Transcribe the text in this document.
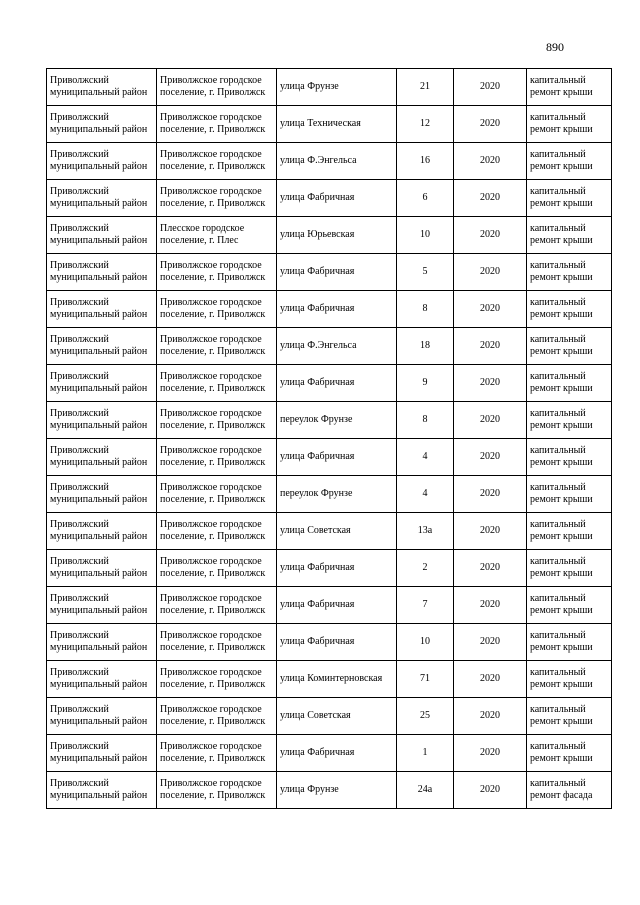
890
Приволжский муниципальный район	Приволжское городское поселение, г. Приволжск	улица Фрунзе	21	2020	капитальный ремонт крыши
Приволжский муниципальный район	Приволжское городское поселение, г. Приволжск	улица Техническая	12	2020	капитальный ремонт крыши
Приволжский муниципальный район	Приволжское городское поселение, г. Приволжск	улица Ф.Энгельса	16	2020	капитальный ремонт крыши
Приволжский муниципальный район	Приволжское городское поселение, г. Приволжск	улица Фабричная	6	2020	капитальный ремонт крыши
Приволжский муниципальный район	Плесское городское поселение, г. Плес	улица Юрьевская	10	2020	капитальный ремонт крыши
Приволжский муниципальный район	Приволжское городское поселение, г. Приволжск	улица Фабричная	5	2020	капитальный ремонт крыши
Приволжский муниципальный район	Приволжское городское поселение, г. Приволжск	улица Фабричная	8	2020	капитальный ремонт крыши
Приволжский муниципальный район	Приволжское городское поселение, г. Приволжск	улица Ф.Энгельса	18	2020	капитальный ремонт крыши
Приволжский муниципальный район	Приволжское городское поселение, г. Приволжск	улица Фабричная	9	2020	капитальный ремонт крыши
Приволжский муниципальный район	Приволжское городское поселение, г. Приволжск	переулок Фрунзе	8	2020	капитальный ремонт крыши
Приволжский муниципальный район	Приволжское городское поселение, г. Приволжск	улица Фабричная	4	2020	капитальный ремонт крыши
Приволжский муниципальный район	Приволжское городское поселение, г. Приволжск	переулок Фрунзе	4	2020	капитальный ремонт крыши
Приволжский муниципальный район	Приволжское городское поселение, г. Приволжск	улица Советская	13а	2020	капитальный ремонт крыши
Приволжский муниципальный район	Приволжское городское поселение, г. Приволжск	улица Фабричная	2	2020	капитальный ремонт крыши
Приволжский муниципальный район	Приволжское городское поселение, г. Приволжск	улица Фабричная	7	2020	капитальный ремонт крыши
Приволжский муниципальный район	Приволжское городское поселение, г. Приволжск	улица Фабричная	10	2020	капитальный ремонт крыши
Приволжский муниципальный район	Приволжское городское поселение, г. Приволжск	улица Коминтерновская	71	2020	капитальный ремонт крыши
Приволжский муниципальный район	Приволжское городское поселение, г. Приволжск	улица Советская	25	2020	капитальный ремонт крыши
Приволжский муниципальный район	Приволжское городское поселение, г. Приволжск	улица Фабричная	1	2020	капитальный ремонт крыши
Приволжский муниципальный район	Приволжское городское поселение, г. Приволжск	улица Фрунзе	24а	2020	капитальный ремонт фасада
